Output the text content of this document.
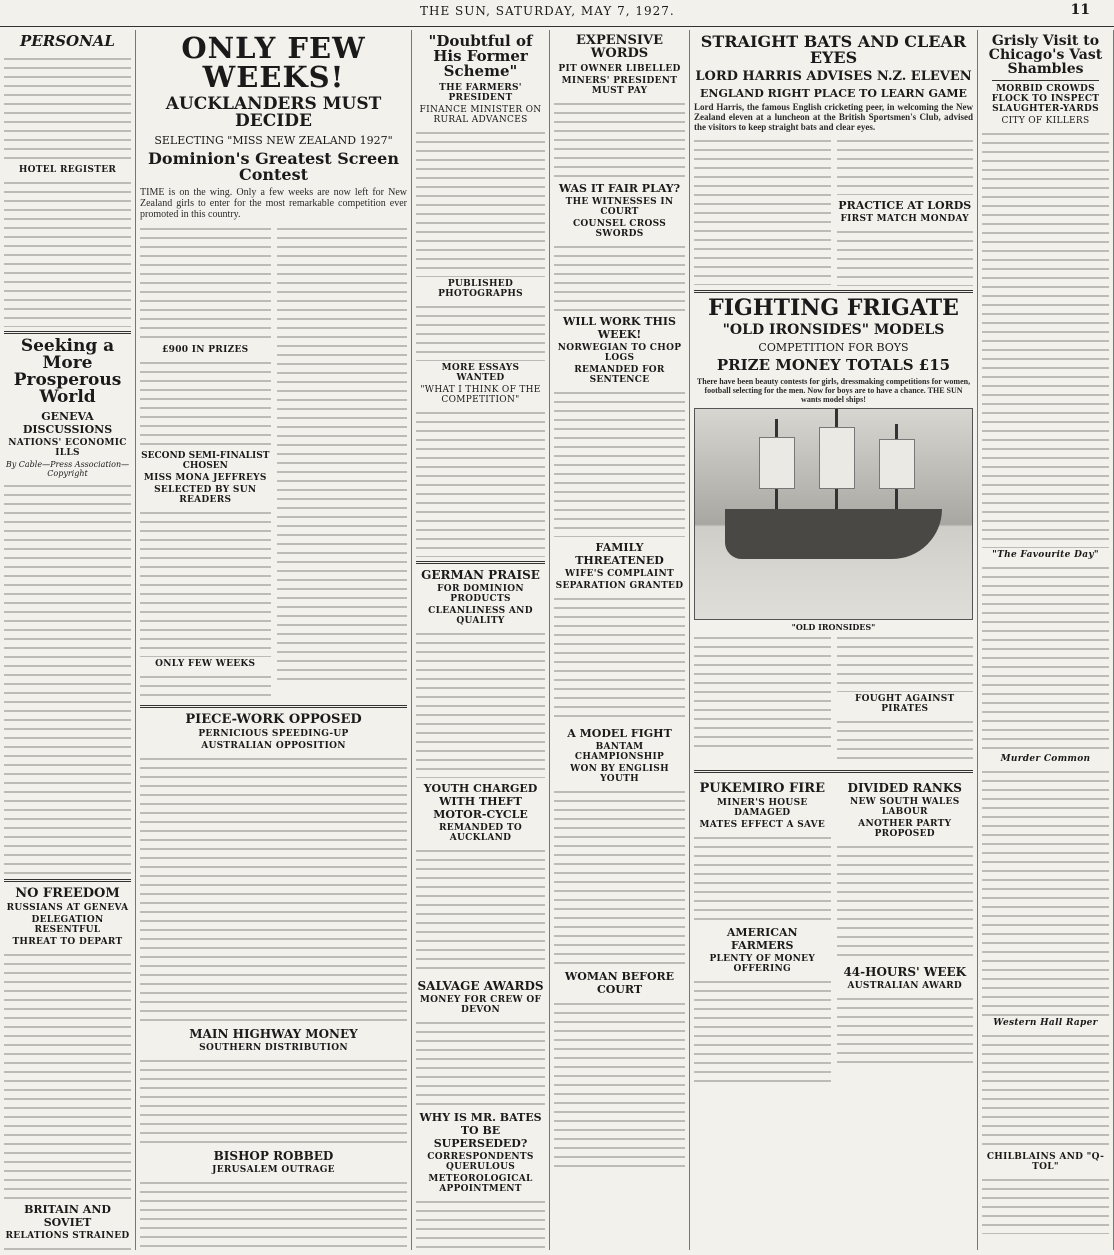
THE SUN, SATURDAY, MAY 7, 1927.	11
PERSONAL
HOTEL REGISTER
Seeking a More Prosperous World
GENEVA DISCUSSIONS
NATIONS' ECONOMIC ILLS
By Cable—Press Association—Copyright
NO FREEDOM
RUSSIANS AT GENEVA
DELEGATION RESENTFUL
THREAT TO DEPART
BRITAIN AND SOVIET
RELATIONS STRAINED
ONLY FEW WEEKS!
AUCKLANDERS MUST DECIDE
SELECTING "MISS NEW ZEALAND 1927"
Dominion's Greatest Screen Contest

TIME is on the wing. Only a few weeks are now left for New Zealand girls to enter for the most remarkable competition ever promoted in this country.

£900 IN PRIZES
SECOND SEMI-FINALIST CHOSEN
MISS MONA JEFFREYS
SELECTED BY SUN READERS
ONLY FEW WEEKS
PIECE-WORK OPPOSED
PERNICIOUS SPEEDING-UP
AUSTRALIAN OPPOSITION
MAIN HIGHWAY MONEY
SOUTHERN DISTRIBUTION
BISHOP ROBBED
JERUSALEM OUTRAGE
"Doubtful of His Former Scheme"
THE FARMERS' PRESIDENT
FINANCE MINISTER ON RURAL ADVANCES
PUBLISHED PHOTOGRAPHS
MORE ESSAYS WANTED
"WHAT I THINK OF THE COMPETITION"
GERMAN PRAISE
FOR DOMINION PRODUCTS
CLEANLINESS AND QUALITY
YOUTH CHARGED WITH THEFT MOTOR-CYCLE
REMANDED TO AUCKLAND
SALVAGE AWARDS
MONEY FOR CREW OF DEVON
WHY IS MR. BATES TO BE SUPERSEDED?
CORRESPONDENTS QUERULOUS
METEOROLOGICAL APPOINTMENT
EXPENSIVE WORDS
PIT OWNER LIBELLED
MINERS' PRESIDENT MUST PAY
WAS IT FAIR PLAY?
THE WITNESSES IN COURT
COUNSEL CROSS SWORDS
WILL WORK THIS WEEK!
NORWEGIAN TO CHOP LOGS
REMANDED FOR SENTENCE
FAMILY THREATENED
WIFE'S COMPLAINT
SEPARATION GRANTED
A MODEL FIGHT
BANTAM CHAMPIONSHIP
WON BY ENGLISH YOUTH
WOMAN BEFORE COURT
STRAIGHT BATS AND CLEAR EYES
LORD HARRIS ADVISES N.Z. ELEVEN
ENGLAND RIGHT PLACE TO LEARN GAME

Lord Harris, the famous English cricketing peer, in welcoming the New Zealand eleven at a luncheon at the British Sportsmen's Club, advised the visitors to keep straight bats and clear eyes.

PRACTICE AT LORDS
FIRST MATCH MONDAY
FIGHTING FRIGATE
"OLD IRONSIDES" MODELS
COMPETITION FOR BOYS
PRIZE MONEY TOTALS £15

There have been beauty contests for girls, dressmaking competitions for women, football selecting for the men. Now for boys are to have a chance. THE SUN wants model ships!

"OLD IRONSIDES"
FOUGHT AGAINST PIRATES
PUKEMIRO FIRE
MINER'S HOUSE DAMAGED
MATES EFFECT A SAVE
AMERICAN FARMERS
PLENTY OF MONEY OFFERING
DIVIDED RANKS
NEW SOUTH WALES LABOUR
ANOTHER PARTY PROPOSED
44-HOURS' WEEK
AUSTRALIAN AWARD
Grisly Visit to Chicago's Vast Shambles
MORBID CROWDS FLOCK TO INSPECT SLAUGHTER-YARDS
CITY OF KILLERS
"The Favourite Day"
Murder Common
Western Hall Raper
CHILBLAINS AND "Q-TOL"
